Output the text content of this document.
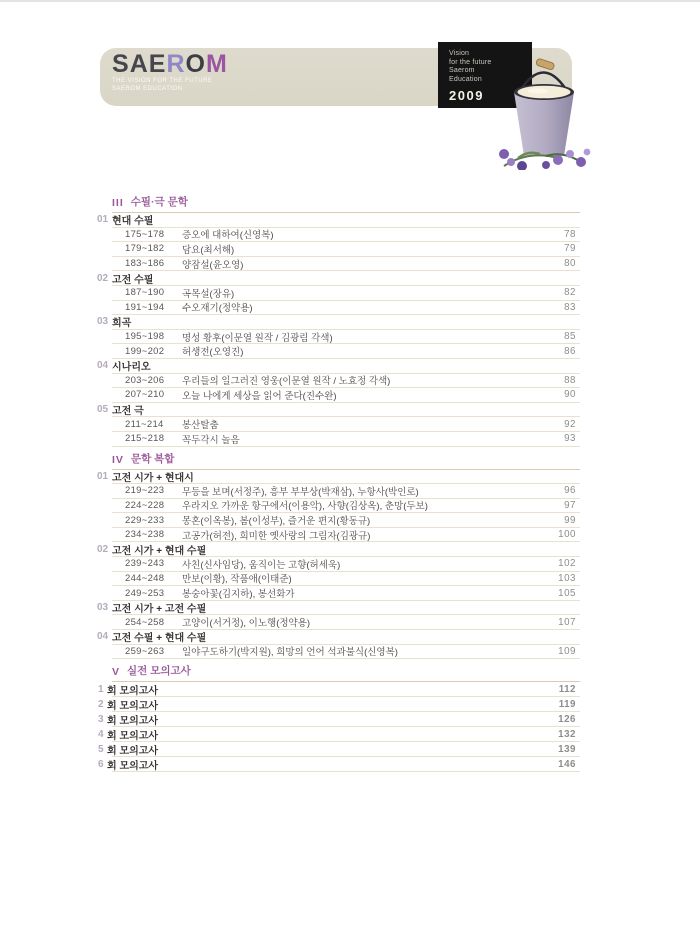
SAEROM
THE VISION FOR THE FUTURE
SAEROM EDUCATION
Vision
for the future
Saerom
Education
2009
III 수필·극 문학
01 현대 수필
175~178	증오에 대하여(신영복)	78
179~182	담요(최서해)	79
183~186	양잠설(윤오영)	80
02 고전 수필
187~190	곡목설(장유)	82
191~194	수오재기(정약용)	83
03 희곡
195~198	명성 황후(이문열 원작 / 김광림 각색)	85
199~202	허생전(오영진)	86
04 시나리오
203~206	우리들의 일그러진 영웅(이문열 원작 / 노효정 각색)	88
207~210	오늘 나에게 세상을 읽어 준다(진수완)	90
05 고전 극
211~214	봉산탈춤	92
215~218	꼭두각시 놀음	93
IV 문학 복합
01 고전 시가 + 현대시
219~223	무등을 보며(서정주), 흥부 부부상(박재삼), 누항사(박인로)	96
224~228	우라지오 가까운 항구에서(이용악), 사향(김상옥), 춘망(두보)	97
229~233	몽혼(이옥봉), 봄(이성부), 즐거운 편지(황동규)	99
234~238	고공가(허전), 희미한 옛사랑의 그림자(김광규)	100
02 고전 시가 + 현대 수필
239~243	사친(신사임당), 움직이는 고향(허세욱)	102
244~248	만보(이황), 작품애(이태준)	103
249~253	봉숭아꽃(김지하), 봉선화가	105
03 고전 시가 + 고전 수필
254~258	고양이(서거정), 이노행(정약용)	107
04 고전 수필 + 현대 수필
259~263	일야구도하기(박지원), 희망의 언어 석과불식(신영복)	109
V 실전 모의고사
1 회 모의고사	112
2 회 모의고사	119
3 회 모의고사	126
4 회 모의고사	132
5 회 모의고사	139
6 회 모의고사	146
